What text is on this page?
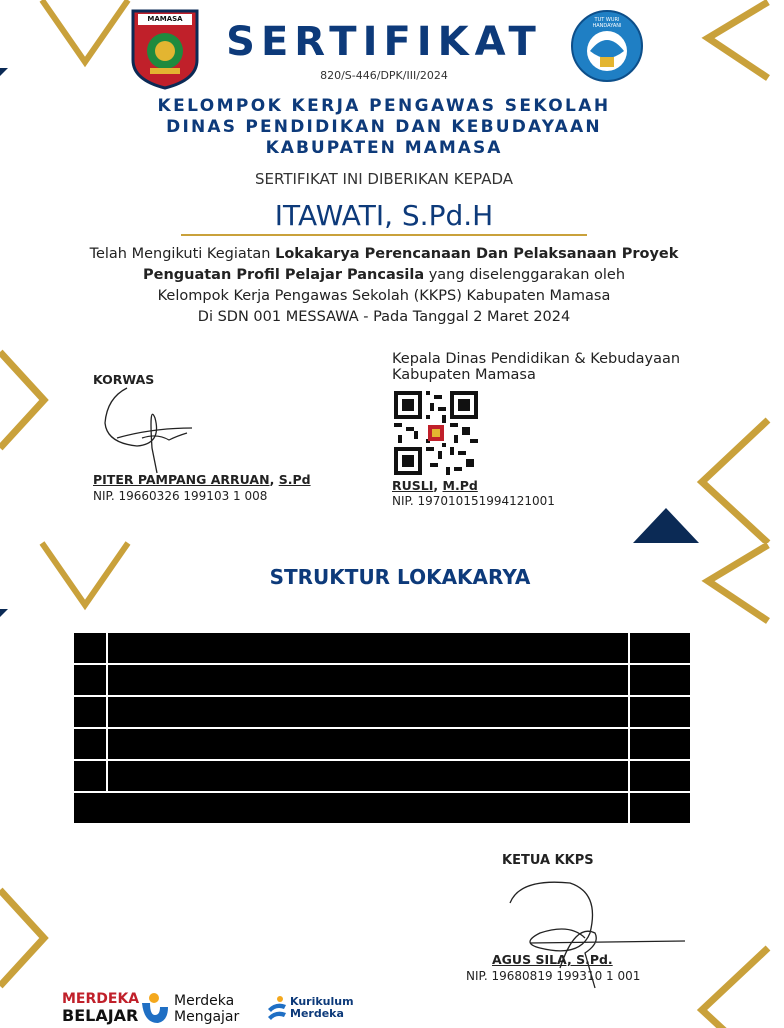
MAMASA	TUT WURI HANDAYANI
SERTIFIKAT
820/S-446/DPK/III/2024
KELOMPOK KERJA PENGAWAS SEKOLAH
DINAS PENDIDIKAN DAN KEBUDAYAAN
KABUPATEN MAMASA
SERTIFIKAT INI DIBERIKAN KEPADA
ITAWATI, S.Pd.H
Telah Mengikuti Kegiatan Lokakarya Perencanaan Dan Pelaksanaan Proyek
Penguatan Profil Pelajar Pancasila yang diselenggarakan oleh
Kelompok Kerja Pengawas Sekolah (KKPS) Kabupaten Mamasa
Di SDN 001 MESSAWA - Pada Tanggal 2 Maret 2024
KORWAS
PITER PAMPANG ARRUAN, S.Pd
NIP. 19660326 199103 1 008
Kepala Dinas Pendidikan & Kebudayaan
Kabupaten Mamasa
RUSLI, M.Pd
NIP. 197010151994121001
STRUKTUR LOKAKARYA

KETUA KKPS
AGUS SILA, S.Pd.
NIP. 19680819 199310 1 001
MERDEKA
BELAJAR
Merdeka
Mengajar
Kurikulum
Merdeka
